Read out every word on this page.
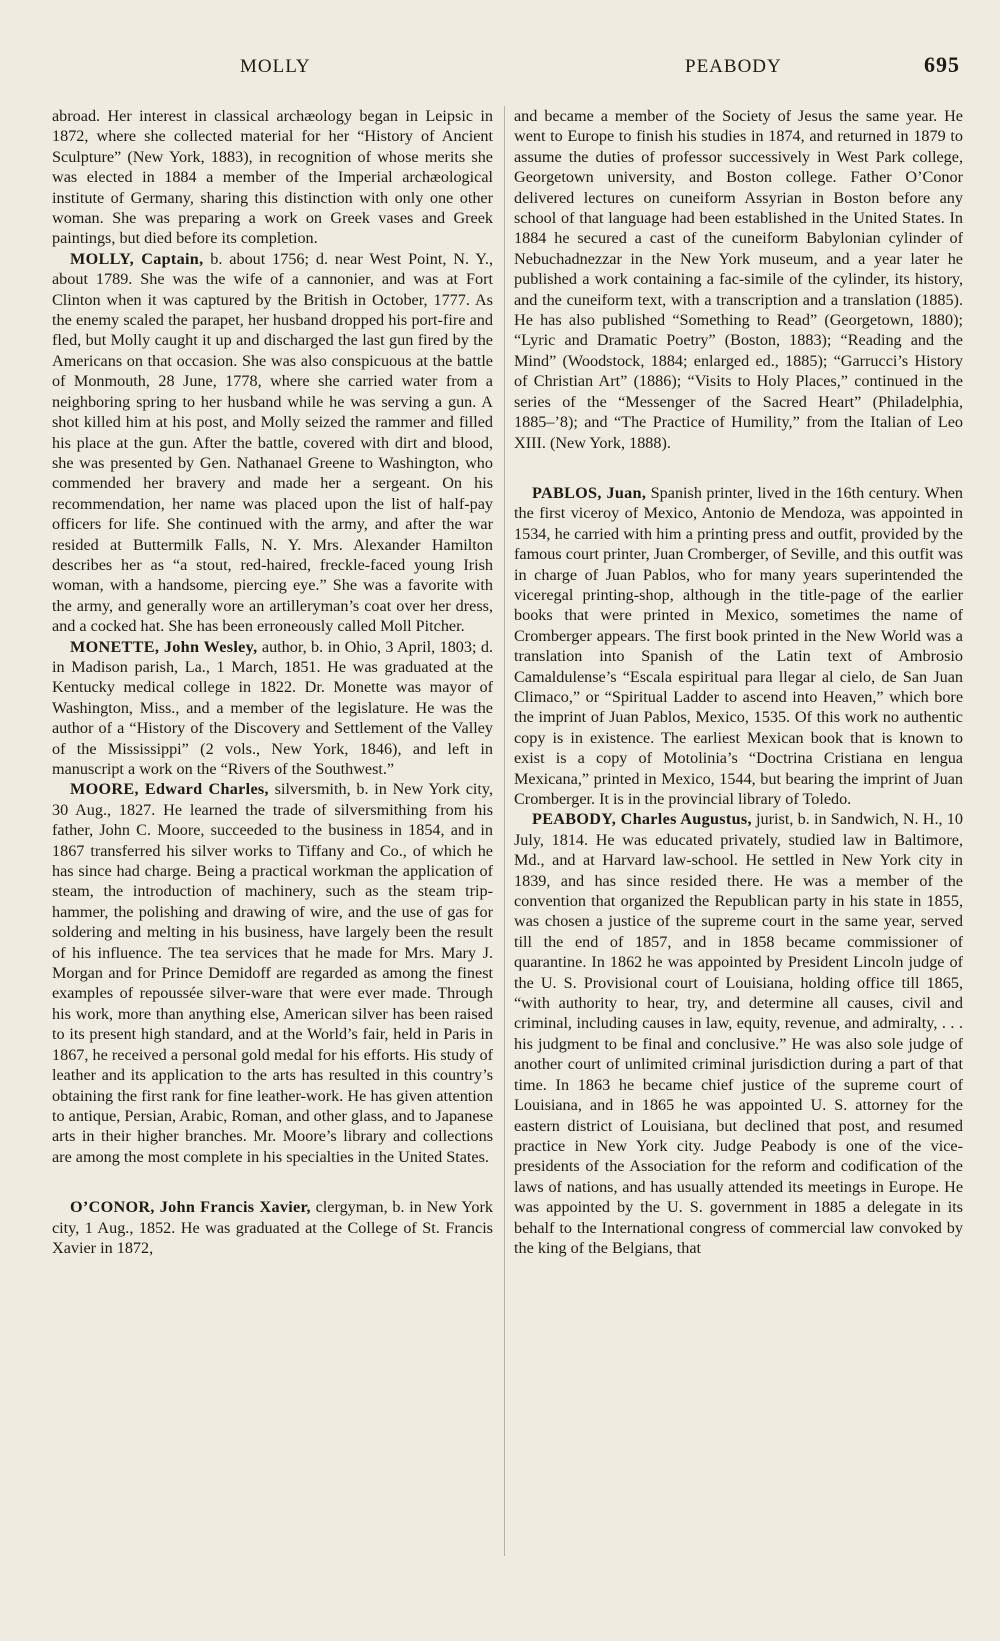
MOLLY	PEABODY	695

abroad. Her interest in classical archæology began in Leipsic in 1872, where she collected material for her “History of Ancient Sculpture” (New York, 1883), in recognition of whose merits she was elected in 1884 a member of the Imperial archæological institute of Germany, sharing this distinction with only one other woman. She was preparing a work on Greek vases and Greek paintings, but died before its completion.

MOLLY, Captain, b. about 1756; d. near West Point, N. Y., about 1789. She was the wife of a cannonier, and was at Fort Clinton when it was captured by the British in October, 1777. As the enemy scaled the parapet, her husband dropped his port-fire and fled, but Molly caught it up and discharged the last gun fired by the Americans on that occasion. She was also conspicuous at the battle of Monmouth, 28 June, 1778, where she carried water from a neighboring spring to her husband while he was serving a gun. A shot killed him at his post, and Molly seized the rammer and filled his place at the gun. After the battle, covered with dirt and blood, she was presented by Gen. Nathanael Greene to Washington, who commended her bravery and made her a sergeant. On his recommendation, her name was placed upon the list of half-pay officers for life. She continued with the army, and after the war resided at Buttermilk Falls, N. Y. Mrs. Alexander Hamilton describes her as “a stout, red-haired, freckle-faced young Irish woman, with a handsome, piercing eye.” She was a favorite with the army, and generally wore an artilleryman’s coat over her dress, and a cocked hat. She has been erroneously called Moll Pitcher.

MONETTE, John Wesley, author, b. in Ohio, 3 April, 1803; d. in Madison parish, La., 1 March, 1851. He was graduated at the Kentucky medical college in 1822. Dr. Monette was mayor of Washington, Miss., and a member of the legislature. He was the author of a “History of the Discovery and Settlement of the Valley of the Mississippi” (2 vols., New York, 1846), and left in manuscript a work on the “Rivers of the Southwest.”

MOORE, Edward Charles, silversmith, b. in New York city, 30 Aug., 1827. He learned the trade of silversmithing from his father, John C. Moore, succeeded to the business in 1854, and in 1867 transferred his silver works to Tiffany and Co., of which he has since had charge. Being a practical workman the application of steam, the introduction of machinery, such as the steam trip-hammer, the polishing and drawing of wire, and the use of gas for soldering and melting in his business, have largely been the result of his influence. The tea services that he made for Mrs. Mary J. Morgan and for Prince Demidoff are regarded as among the finest examples of repoussée silver-ware that were ever made. Through his work, more than anything else, American silver has been raised to its present high standard, and at the World’s fair, held in Paris in 1867, he received a personal gold medal for his efforts. His study of leather and its application to the arts has resulted in this country’s obtaining the first rank for fine leather-work. He has given attention to antique, Persian, Arabic, Roman, and other glass, and to Japanese arts in their higher branches. Mr. Moore’s library and collections are among the most complete in his specialties in the United States.

O’CONOR, John Francis Xavier, clergyman, b. in New York city, 1 Aug., 1852. He was graduated at the College of St. Francis Xavier in 1872,

and became a member of the Society of Jesus the same year. He went to Europe to finish his studies in 1874, and returned in 1879 to assume the duties of professor successively in West Park college, Georgetown university, and Boston college. Father O’Conor delivered lectures on cuneiform Assyrian in Boston before any school of that language had been established in the United States. In 1884 he secured a cast of the cuneiform Babylonian cylinder of Nebuchadnezzar in the New York museum, and a year later he published a work containing a fac-simile of the cylinder, its history, and the cuneiform text, with a transcription and a translation (1885). He has also published “Something to Read” (Georgetown, 1880); “Lyric and Dramatic Poetry” (Boston, 1883); “Reading and the Mind” (Woodstock, 1884; enlarged ed., 1885); “Garrucci’s History of Christian Art” (1886); “Visits to Holy Places,” continued in the series of the “Messenger of the Sacred Heart” (Philadelphia, 1885–’8); and “The Practice of Humility,” from the Italian of Leo XIII. (New York, 1888).

PABLOS, Juan, Spanish printer, lived in the 16th century. When the first viceroy of Mexico, Antonio de Mendoza, was appointed in 1534, he carried with him a printing press and outfit, provided by the famous court printer, Juan Cromberger, of Seville, and this outfit was in charge of Juan Pablos, who for many years superintended the viceregal printing-shop, although in the title-page of the earlier books that were printed in Mexico, sometimes the name of Cromberger appears. The first book printed in the New World was a translation into Spanish of the Latin text of Ambrosio Camaldulense’s “Escala espiritual para llegar al cielo, de San Juan Climaco,” or “Spiritual Ladder to ascend into Heaven,” which bore the imprint of Juan Pablos, Mexico, 1535. Of this work no authentic copy is in existence. The earliest Mexican book that is known to exist is a copy of Motolinia’s “Doctrina Cristiana en lengua Mexicana,” printed in Mexico, 1544, but bearing the imprint of Juan Cromberger. It is in the provincial library of Toledo.

PEABODY, Charles Augustus, jurist, b. in Sandwich, N. H., 10 July, 1814. He was educated privately, studied law in Baltimore, Md., and at Harvard law-school. He settled in New York city in 1839, and has since resided there. He was a member of the convention that organized the Republican party in his state in 1855, was chosen a justice of the supreme court in the same year, served till the end of 1857, and in 1858 became commissioner of quarantine. In 1862 he was appointed by President Lincoln judge of the U. S. Provisional court of Louisiana, holding office till 1865, “with authority to hear, try, and determine all causes, civil and criminal, including causes in law, equity, revenue, and admiralty, . . . his judgment to be final and conclusive.” He was also sole judge of another court of unlimited criminal jurisdiction during a part of that time. In 1863 he became chief justice of the supreme court of Louisiana, and in 1865 he was appointed U. S. attorney for the eastern district of Louisiana, but declined that post, and resumed practice in New York city. Judge Peabody is one of the vice-presidents of the Association for the reform and codification of the laws of nations, and has usually attended its meetings in Europe. He was appointed by the U. S. government in 1885 a delegate in its behalf to the International congress of commercial law convoked by the king of the Belgians, that
